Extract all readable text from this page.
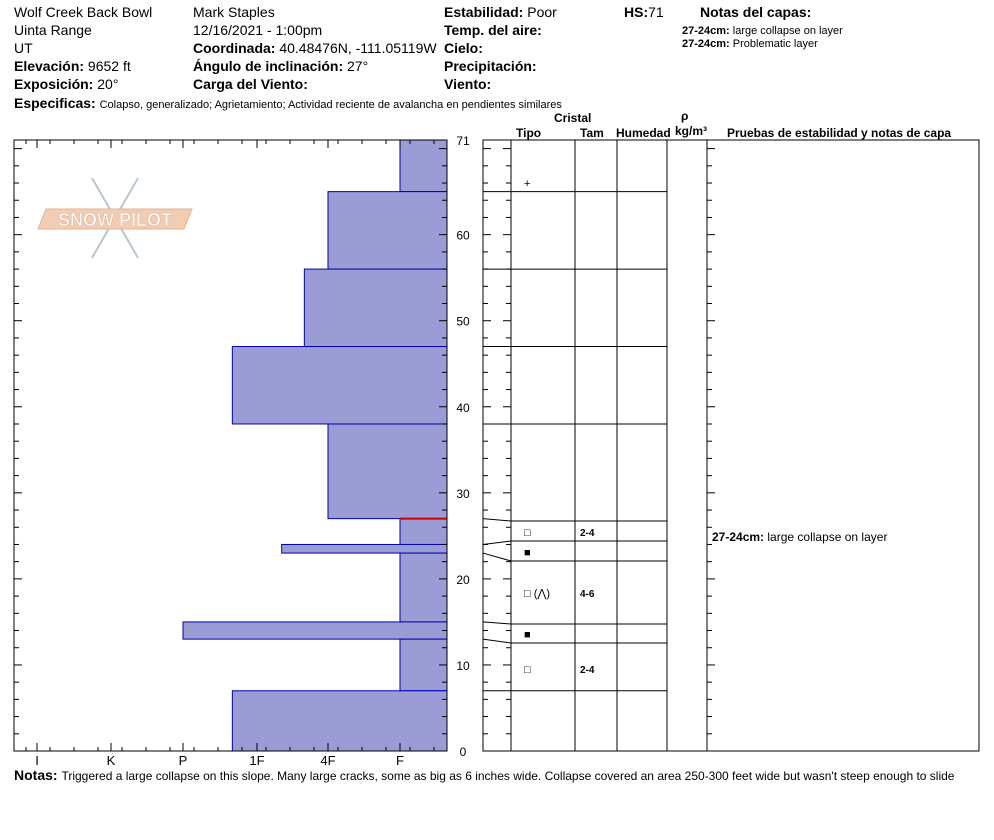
Wolf Creek Back Bowl
Uinta Range
UT
Elevación: 9652 ft
Exposición: 20°
Mark Staples
12/16/2021 - 1:00pm
Coordinada: 40.48476N, -111.05119W
Ángulo de inclinación: 27°
Carga del Viento:
Estabilidad: Poor
Temp. del aire:
Cielo:
Precipitación:
Viento:
HS:71	Notas del capas:
27-24cm: large collapse on layer
27-24cm: Problematic layer
Especificas: Colapso, generalizado; Agrietamiento; Actividad reciente de avalancha en pendientes similares
Cristal
Tipo	Tam Humedad
ρ
kg/m³ Pruebas de estabilidad y notas de capa
SNOW PILOT
0
10
20
30
40
50
60
71
I	K	P	1F	4F	F
+
□	2-4
■
□ (⋀)	4-6
■
□	2-4
27-24cm: large collapse on layer
Notas: Triggered a large collapse on this slope. Many large cracks, some as big as 6 inches wide. Collapse covered an area 250-300 feet wide but wasn't steep enough to slide
